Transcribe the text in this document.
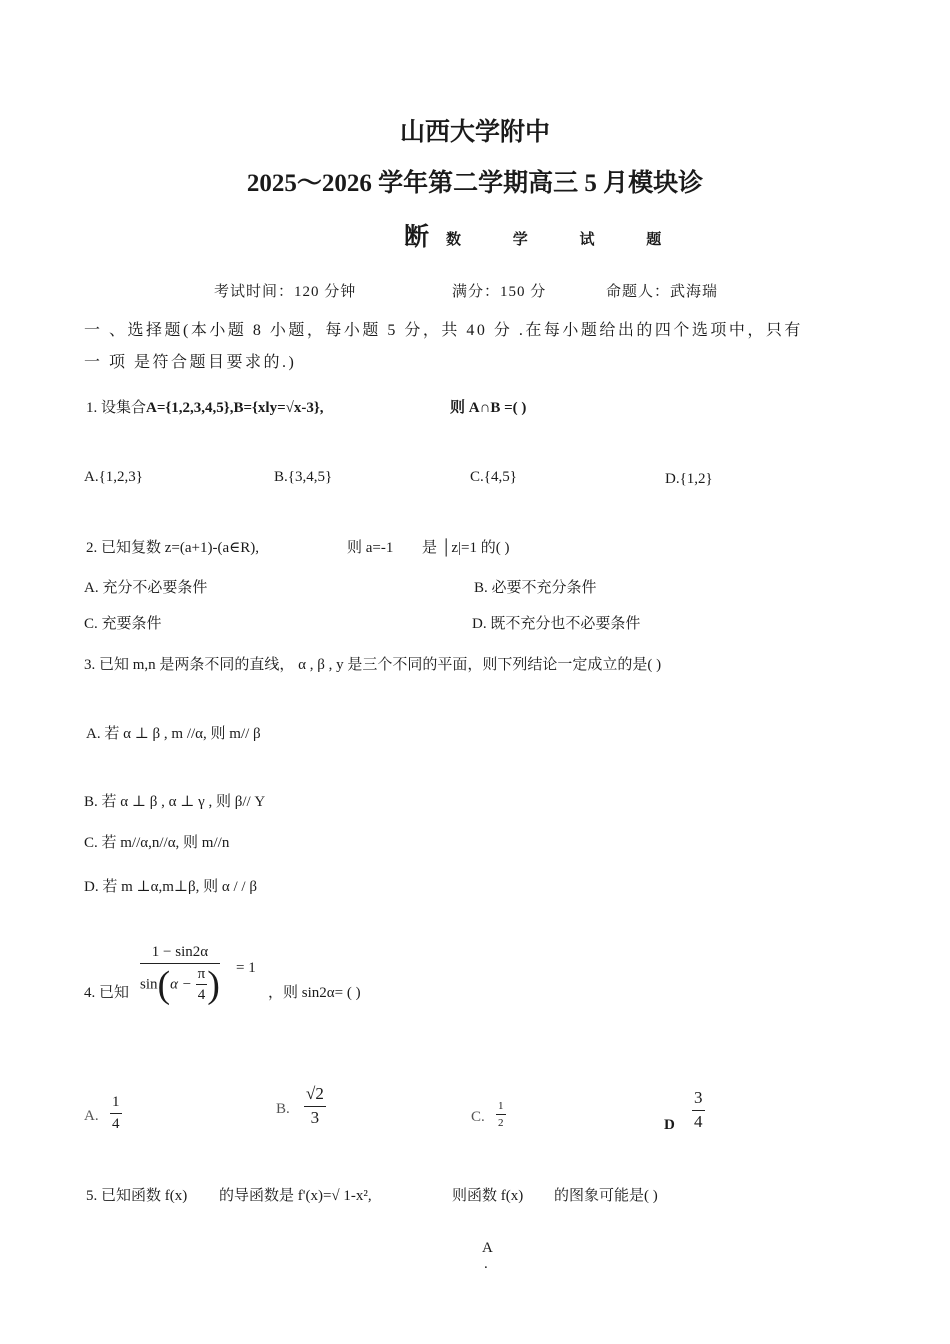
山西大学附中
2025～2026 学年第二学期高三 5 月模块诊
断 数 学 试 题
考试时间：120 分钟	满分：150 分	命题人：武海瑞
一 、选择题(本小题 8 小题，每小题 5 分，共 40 分 .在每小题给出的四个选项中，只有
一 项 是符合题目要求的.)
1. 设集合A={1,2,3,4,5},B={xly=√x-3},	则 A∩B =( )
A.{1,2,3}	B.{3,4,5}	C.{4,5}	D.{1,2}
2. 已知复数 z=(a+1)-(a∈R),	则 a=-1 是 │z|=1 的( )
A. 充分不必要条件	B. 必要不充分条件
C. 充要条件	D. 既不充分也不必要条件
3. 已知 m,n 是两条不同的直线， α , β , y 是三个不同的平面，则下列结论一定成立的是( )
A. 若 α ⊥ β , m //α, 则 m// β
B. 若 α ⊥ β , α ⊥ γ , 则 β// Y
C. 若 m//α,n//α, 则 m//n
D. 若 m ⊥α,m⊥β, 则 α / / β
4. 已知 $\frac{1 - \sin 2\alpha}{\sin(\alpha - \frac{\pi}{4} )} = 1$
，则 sin2α= ( )
A. $\frac{1}{4}$	B. $\frac{√2}{3}$	C. $\frac{1}{2}$	D $\frac{3}{4}$
5. 已知函数 f(x) 的导函数是 f'(x)=√ 1-x²,	则函数 f(x) 的图象可能是( )
A
.
